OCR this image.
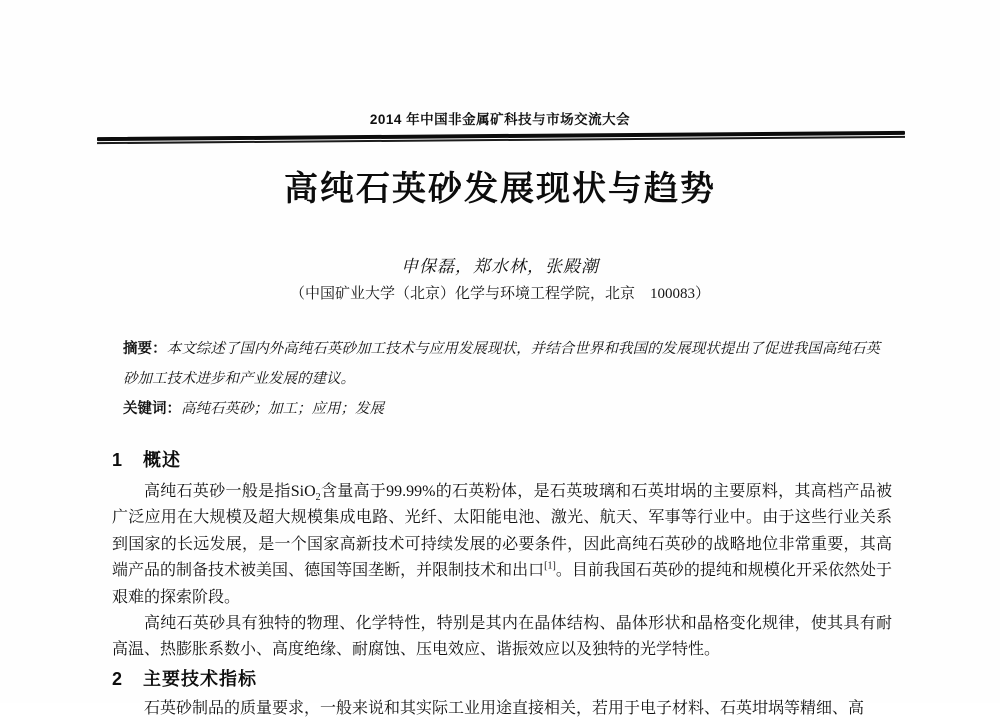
2014 年中国非金属矿科技与市场交流大会
高纯石英砂发展现状与趋势
申保磊，郑水林，张殿潮
（中国矿业大学（北京）化学与环境工程学院，北京　100083）

摘要：本文综述了国内外高纯石英砂加工技术与应用发展现状，并结合世界和我国的发展现状提出了促进我国高纯石英砂加工技术进步和产业发展的建议。

关键词：高纯石英砂；加工；应用；发展

1 概述

高纯石英砂一般是指SiO$_2$含量高于99.99%的石英粉体，是石英玻璃和石英坩埚的主要原料，其高档产品被广泛应用在大规模及超大规模集成电路、光纤、太阳能电池、激光、航天、军事等行业中。由于这些行业关系到国家的长远发展，是一个国家高新技术可持续发展的必要条件，因此高纯石英砂的战略地位非常重要，其高端产品的制备技术被美国、德国等国垄断，并限制技术和出口[1]。目前我国石英砂的提纯和规模化开采依然处于艰难的探索阶段。

高纯石英砂具有独特的物理、化学特性，特别是其内在晶体结构、晶体形状和晶格变化规律，使其具有耐高温、热膨胀系数小、高度绝缘、耐腐蚀、压电效应、谐振效应以及独特的光学特性。

2 主要技术指标

石英砂制品的质量要求，一般来说和其实际工业用途直接相关，若用于电子材料、石英坩埚等精细、高
